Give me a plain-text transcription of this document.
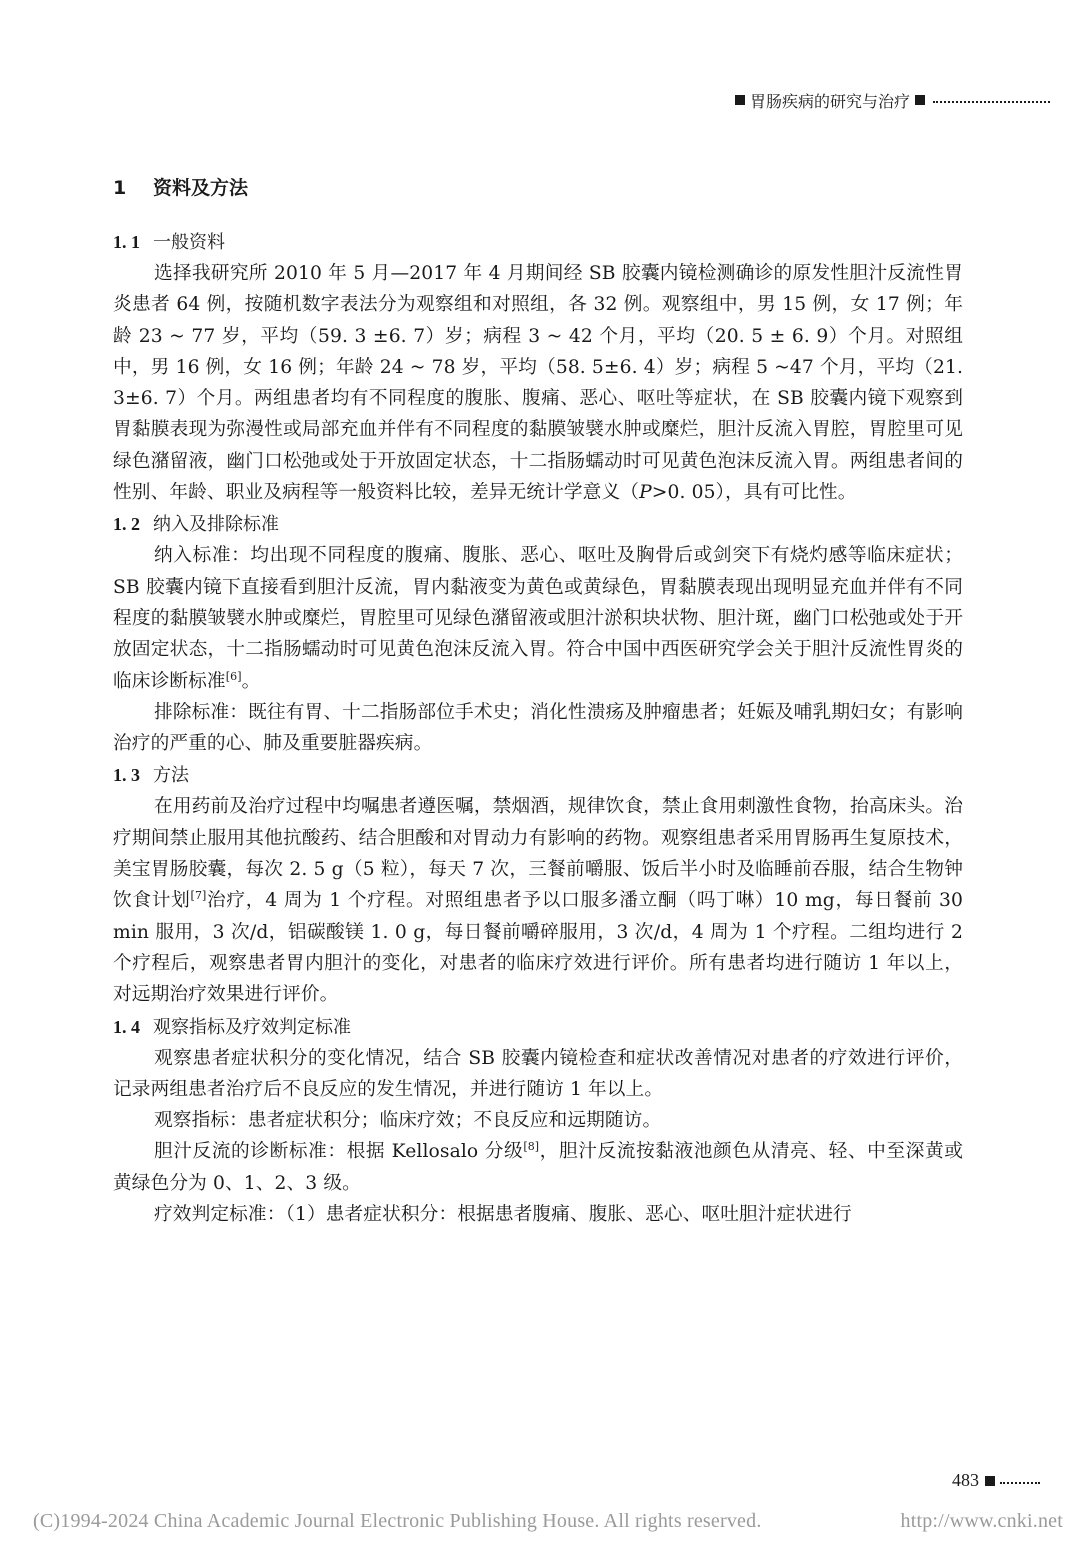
胃肠疾病的研究与治疗
1 资料及方法
1. 1 一般资料

选择我研究所 2010 年 5 月—2017 年 4 月期间经 SB 胶囊内镜检测确诊的原发性胆汁反流性胃炎患者 64 例，按随机数字表法分为观察组和对照组，各 32 例。观察组中，男 15 例，女 17 例；年龄 23 ~ 77 岁，平均（59. 3 ±6. 7）岁；病程 3 ~ 42 个月，平均（20. 5 ± 6. 9）个月。对照组中，男 16 例，女 16 例；年龄 24 ~ 78 岁，平均（58. 5±6. 4）岁；病程 5 ~47 个月，平均（21. 3±6. 7）个月。两组患者均有不同程度的腹胀、腹痛、恶心、呕吐等症状，在 SB 胶囊内镜下观察到胃黏膜表现为弥漫性或局部充血并伴有不同程度的黏膜皱襞水肿或糜烂，胆汁反流入胃腔，胃腔里可见绿色潴留液，幽门口松弛或处于开放固定状态，十二指肠蠕动时可见黄色泡沫反流入胃。两组患者间的性别、年龄、职业及病程等一般资料比较，差异无统计学意义（P>0. 05），具有可比性。

1. 2 纳入及排除标准

纳入标准：均出现不同程度的腹痛、腹胀、恶心、呕吐及胸骨后或剑突下有烧灼感等临床症状；SB 胶囊内镜下直接看到胆汁反流，胃内黏液变为黄色或黄绿色，胃黏膜表现出现明显充血并伴有不同程度的黏膜皱襞水肿或糜烂，胃腔里可见绿色潴留液或胆汁淤积块状物、胆汁斑，幽门口松弛或处于开放固定状态，十二指肠蠕动时可见黄色泡沫反流入胃。符合中国中西医研究学会关于胆汁反流性胃炎的临床诊断标准[6]。

排除标准：既往有胃、十二指肠部位手术史；消化性溃疡及肿瘤患者；妊娠及哺乳期妇女；有影响治疗的严重的心、肺及重要脏器疾病。

1. 3 方法

在用药前及治疗过程中均嘱患者遵医嘱，禁烟酒，规律饮食，禁止食用刺激性食物，抬高床头。治疗期间禁止服用其他抗酸药、结合胆酸和对胃动力有影响的药物。观察组患者采用胃肠再生复原技术，美宝胃肠胶囊，每次 2. 5 g（5 粒），每天 7 次，三餐前嚼服、饭后半小时及临睡前吞服，结合生物钟饮食计划[7]治疗，4 周为 1 个疗程。对照组患者予以口服多潘立酮（吗丁啉）10 mg，每日餐前 30 min 服用，3 次/d，铝碳酸镁 1. 0 g，每日餐前嚼碎服用，3 次/d，4 周为 1 个疗程。二组均进行 2 个疗程后，观察患者胃内胆汁的变化，对患者的临床疗效进行评价。所有患者均进行随访 1 年以上，对远期治疗效果进行评价。

1. 4 观察指标及疗效判定标准

观察患者症状积分的变化情况，结合 SB 胶囊内镜检查和症状改善情况对患者的疗效进行评价，记录两组患者治疗后不良反应的发生情况，并进行随访 1 年以上。

观察指标：患者症状积分；临床疗效；不良反应和远期随访。

胆汁反流的诊断标准：根据 Kellosalo 分级[8]，胆汁反流按黏液池颜色从清亮、轻、中至深黄或黄绿色分为 0、1、2、3 级。

疗效判定标准：（1）患者症状积分：根据患者腹痛、腹胀、恶心、呕吐胆汁症状进行

483
(C)1994-2024 China Academic Journal Electronic Publishing House. All rights reserved.	http://www.cnki.net
